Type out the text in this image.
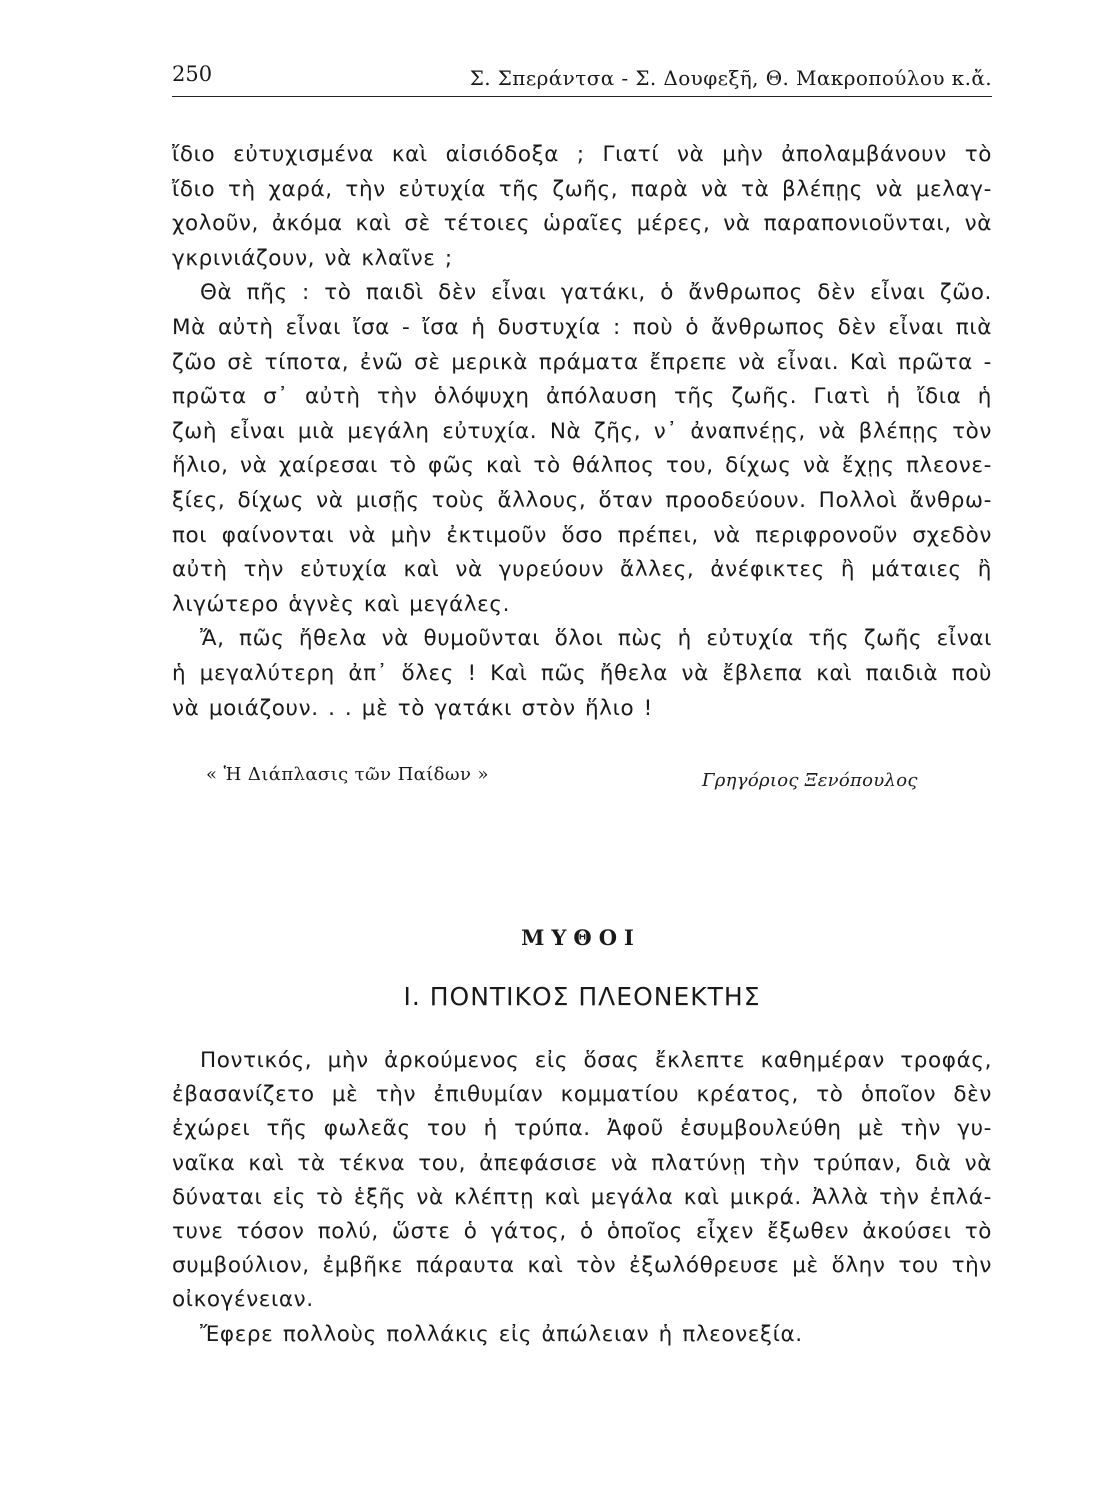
250	Σ. Σπεράντσα - Σ. Δουφεξῆ, Θ. Μακροπούλου κ.ἄ.
ἴδιο εὐτυχισμένα καὶ αἰσιόδοξα ; Γιατί νὰ μὴν ἀπολαμβάνουν τὸ
ἴδιο τὴ χαρά, τὴν εὐτυχία τῆς ζωῆς, παρὰ νὰ τὰ βλέπῃς νὰ μελαγ-
χολοῦν, ἀκόμα καὶ σὲ τέτοιες ὡραῖες μέρες, νὰ παραπονιοῦνται, νὰ
γκρινιάζουν, νὰ κλαῖνε ;
Θὰ πῆς : τὸ παιδὶ δὲν εἶναι γατάκι, ὁ ἄνθρωπος δὲν εἶναι ζῶο.
Μὰ αὐτὴ εἶναι ἴσα - ἴσα ἡ δυστυχία : ποὺ ὁ ἄνθρωπος δὲν εἶναι πιὰ
ζῶο σὲ τίποτα, ἐνῶ σὲ μερικὰ πράματα ἔπρεπε νὰ εἶναι. Καὶ πρῶτα -
πρῶτα σ᾿ αὐτὴ τὴν ὁλόψυχη ἀπόλαυση τῆς ζωῆς. Γιατὶ ἡ ἴδια ἡ
ζωὴ εἶναι μιὰ μεγάλη εὐτυχία. Νὰ ζῆς, ν᾿ ἀναπνέῃς, νὰ βλέπῃς τὸν
ἥλιο, νὰ χαίρεσαι τὸ φῶς καὶ τὸ θάλπος του, δίχως νὰ ἔχῃς πλεονε-
ξίες, δίχως νὰ μισῇς τοὺς ἄλλους, ὅταν προοδεύουν. Πολλοὶ ἄνθρω-
ποι φαίνονται νὰ μὴν ἐκτιμοῦν ὅσο πρέπει, νὰ περιφρονοῦν σχεδὸν
αὐτὴ τὴν εὐτυχία καὶ νὰ γυρεύουν ἄλλες, ἀνέφικτες ἢ μάταιες ἢ
λιγώτερο ἁγνὲς καὶ μεγάλες.
Ἄ, πῶς ἤθελα νὰ θυμοῦνται ὅλοι πὼς ἡ εὐτυχία τῆς ζωῆς εἶναι
ἡ μεγαλύτερη ἀπ᾿ ὅλες ! Καὶ πῶς ἤθελα νὰ ἔβλεπα καὶ παιδιὰ ποὺ
νὰ μοιάζουν. . . μὲ τὸ γατάκι στὸν ἥλιο !
« Ἡ Διάπλασις τῶν Παίδων »	Γρηγόριος Ξενόπουλος
ΜΥΘΟΙ
I. ΠΟΝΤΙΚΟΣ ΠΛΕΟΝΕΚΤΗΣ
Ποντικός, μὴν ἀρκούμενος εἰς ὅσας ἔκλεπτε καθημέραν τροφάς,
ἐβασανίζετο μὲ τὴν ἐπιθυμίαν κομματίου κρέατος, τὸ ὁποῖον δὲν
ἐχώρει τῆς φωλεᾶς του ἡ τρύπα. Ἀφοῦ ἐσυμβουλεύθη μὲ τὴν γυ-
ναῖκα καὶ τὰ τέκνα του, ἀπεφάσισε νὰ πλατύνῃ τὴν τρύπαν, διὰ νὰ
δύναται εἰς τὸ ἑξῆς νὰ κλέπτῃ καὶ μεγάλα καὶ μικρά. Ἀλλὰ τὴν ἐπλά-
τυνε τόσον πολύ, ὥστε ὁ γάτος, ὁ ὁποῖος εἶχεν ἔξωθεν ἀκούσει τὸ
συμβούλιον, ἐμβῆκε πάραυτα καὶ τὸν ἐξωλόθρευσε μὲ ὅλην του τὴν
οἰκογένειαν.
Ἔφερε πολλοὺς πολλάκις εἰς ἀπώλειαν ἡ πλεονεξία.
